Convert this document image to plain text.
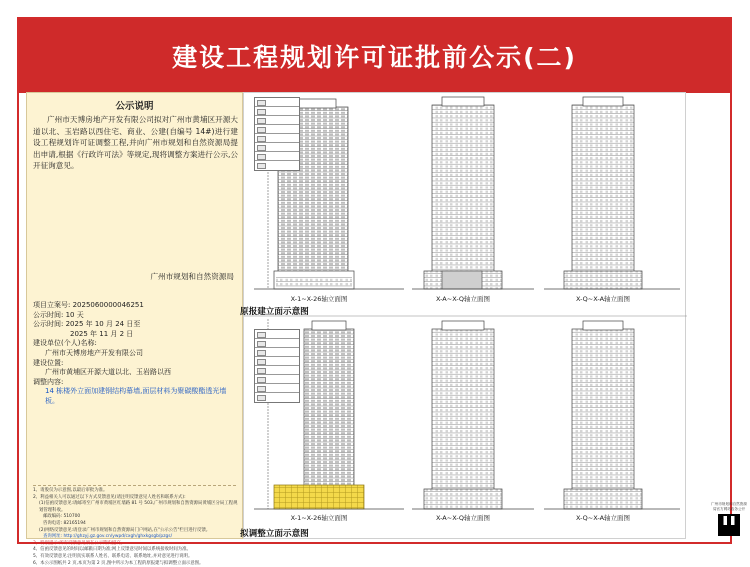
建设工程规划许可证批前公示(二)
公示说明
广州市天博房地产开发有限公司拟对广州市黄埔区开源大道以北、玉岩路以西住宅、商业、公建(自编号 14#)进行建设工程规划许可证调整工程,并向广州市规划和自然资源局提出申请,根据《行政许可法》等规定,现将调整方案进行公示,公开征询意见。
广州市规划和自然资源局
项目立案号: 2025060000046251
公示时间: 10 天
公示时间: 2025 年 10 月 24 日至
2025 年 11 月 2 日
建设单位(个人)名称:
广州市天博房地产开发有限公司
建设位置:
广州市黄埔区开源大道以北、玉岩路以西
调整内容:
14 栋楼外立面加建钢结构幕墙,面层材料为聚碳酸酯透光墙板。
1、请股仅为示意图,以最后审批为准。
2、利益相关人可以通过以下方式反馈意见(请注明反馈意见人姓名和联系方式):
(1)信函反馈意见:请邮寄至广州市黄埔区红墙路 81 号 503,广州市规划和自然资源局黄埔区分局工程规划管理科收。
邮政编码: 510700
咨询电话: 82165194
(2)网络反馈意见:请登录广州市规划和自然资源局门户网站,在"公示公告"栏目进行反馈。
查询网址: http://ghzyj.gz.gov.cn/ywpd/cxgh/ghxkgsgb/pzgs/
3、特别提示:所有反馈意见须在公示期内提交。
4、信函反馈意见的时间以邮戳日期为准;网上反馈意见时间以系统接收时间为准。
5、有效反馈意见:注明真实联系人姓名、联系电话、联系地址,并对意见进行说明。
6、本公示图纸共 2 页,本页为第 2 页,图中所示为本工程的原报建与拟调整立面示意图。
X-1~X-26轴立面图	X-A~X-Q轴立面图	X-Q~X-A轴立面图
原报建立面示意图
X-1~X-26轴立面图	X-A~X-Q轴立面图	X-Q~X-A轴立面图
拟调整立面示意图
广州市规划和自然资源
局官方网站政务公开
